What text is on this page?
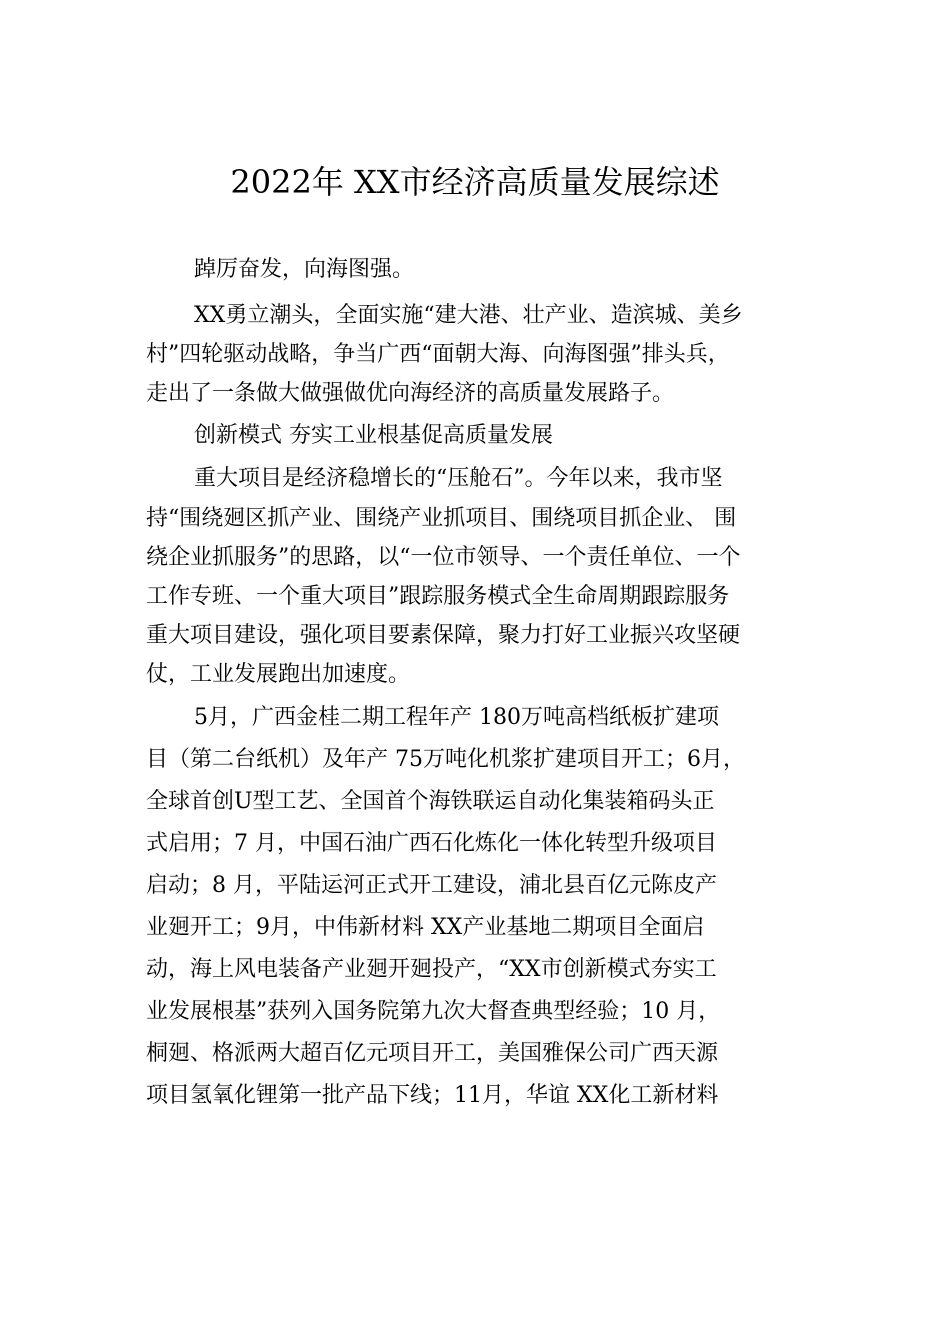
2022年 XX市经济高质量发展综述
踔厉奋发，向海图强。
XX勇立潮头，全面实施“建大港、壮产业、造滨城、美乡
村”四轮驱动战略，争当广西“面朝大海、向海图强”排头兵，
走出了一条做大做强做优向海经济的高质量发展路子。
创新模式 夯实工业根基促高质量发展
重大项目是经济稳增长的“压舱石”。今年以来，我市坚
持“围绕㢠区抓产业、围绕产业抓项目、围绕项目抓企业、 围
绕企业抓服务”的思路，以“一位市领导、一个责任单位、一个
工作专班、一个重大项目”跟踪服务模式全生命周期跟踪服务
重大项目建设，强化项目要素保障，聚力打好工业振兴攻坚硬
仗，工业发展跑出加速度。
5月，广西金桂二期工程年产 180万吨高档纸板扩建项
目（第二台纸机）及年产 75万吨化机浆扩建项目开工；6月，
全球首创U型工艺、全国首个海铁联运自动化集装箱码头正
式启用；7 月，中国石油广西石化炼化一体化转型升级项目
启动；8 月，平陆运河正式开工建设，浦北县百亿元陈皮产
业㢠开工；9月，中伟新材料 XX产业基地二期项目全面启
动，海上风电装备产业㢠开㢠投产，“XX市创新模式夯实工
业发展根基”获列入国务院第九次大督查典型经验；10 月，
桐㢠、格派两大超百亿元项目开工，美国雅保公司广西天源
项目氢氧化锂第一批产品下线；11月，华谊 XX化工新材料
